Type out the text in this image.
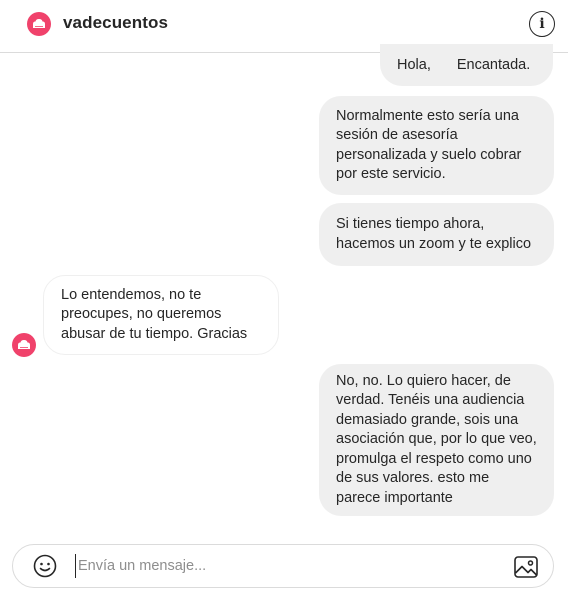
vadecuentos	i
Hola, Encantada.
Normalmente esto sería una sesión de asesoría personalizada y suelo cobrar por este servicio.
Si tienes tiempo ahora, hacemos un zoom y te explico
Lo entendemos, no te preocupes, no queremos abusar de tu tiempo. Gracias
No, no. Lo quiero hacer, de verdad. Tenéis una audiencia demasiado grande, sois una asociación que, por lo que veo, promulga el respeto como uno de sus valores. esto me parece importante
Envía un mensaje...
